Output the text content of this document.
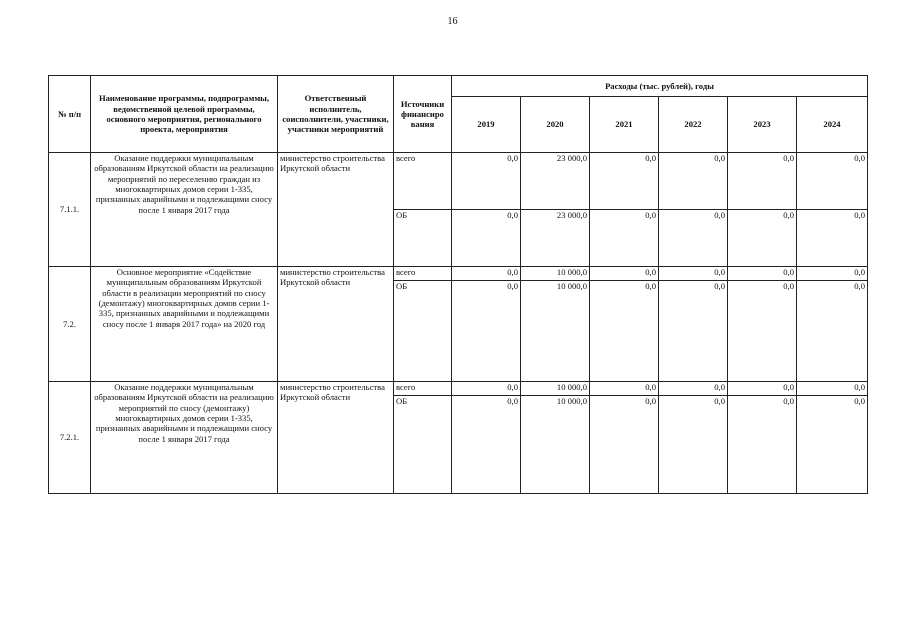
16
№ п/п	Наименование программы, подпрограммы, ведомственной целевой программы, основного мероприятия, регионального проекта, мероприятия	Ответственный исполнитель, соисполнители, участники, участники мероприятий	Источники финансиро вания	Расходы (тыс. рублей), годы					
				2019	2020	2021	2022	2023	2024
7.1.1.	Оказание поддержки муниципальным образованиям Иркутской области на реализацию мероприятий по переселению граждан из многоквартирных домов серии 1-335, признанных аварийными и подлежащими сносу после 1 января 2017 года	министерство строительства Иркутской области	всего	0,0	23 000,0	0,0	0,0	0,0	0,0
			ОБ	0,0	23 000,0	0,0	0,0	0,0	0,0
7.2.	Основное мероприятие «Содействие муниципальным образованиям Иркутской области в реализации мероприятий по сносу (демонтажу) многоквартирных домов серии 1-335, признанных аварийными и подлежащими сносу после 1 января 2017 года» на 2020 год	министерство строительства Иркутской области	всего	0,0	10 000,0	0,0	0,0	0,0	0,0
			ОБ	0,0	10 000,0	0,0	0,0	0,0	0,0
7.2.1.	Оказание поддержки муниципальным образованиям Иркутской области на реализацию мероприятий по сносу (демонтажу) многоквартирных домов серии 1-335, признанных аварийными и подлежащими сносу после 1 января 2017 года	министерство строительства Иркутской области	всего	0,0	10 000,0	0,0	0,0	0,0	0,0
			ОБ	0,0	10 000,0	0,0	0,0	0,0	0,0
